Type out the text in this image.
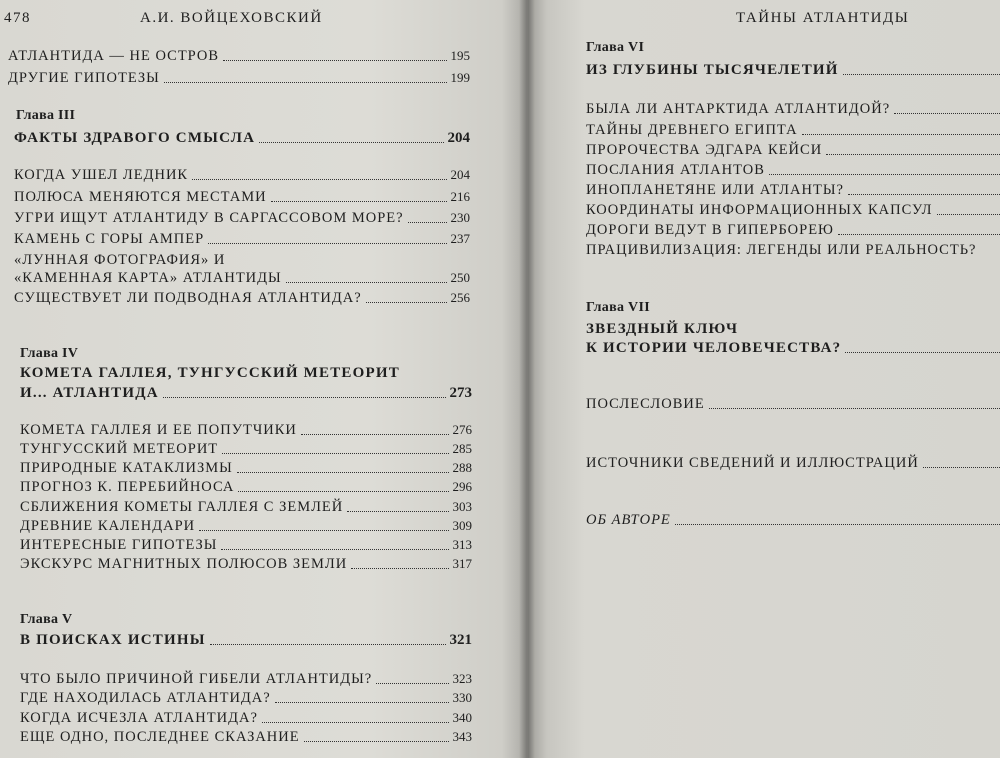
478	А.И. ВОЙЦЕХОВСКИЙ
АТЛАНТИДА — НЕ ОСТРОВ	195
ДРУГИЕ ГИПОТЕЗЫ	199
Глава III
ФАКТЫ ЗДРАВОГО СМЫСЛА	204
КОГДА УШЕЛ ЛЕДНИК	204
ПОЛЮСА МЕНЯЮТСЯ МЕСТАМИ	216
УГРИ ИЩУТ АТЛАНТИДУ В САРГАССОВОМ МОРЕ?	230
КАМЕНЬ С ГОРЫ АМПЕР	237
«ЛУННАЯ ФОТОГРАФИЯ» И
«КАМЕННАЯ КАРТА» АТЛАНТИДЫ	250
СУЩЕСТВУЕТ ЛИ ПОДВОДНАЯ АТЛАНТИДА?	256
Глава IV
КОМЕТА ГАЛЛЕЯ, ТУНГУССКИЙ МЕТЕОРИТ
И... АТЛАНТИДА	273
КОМЕТА ГАЛЛЕЯ И ЕЕ ПОПУТЧИКИ	276
ТУНГУССКИЙ МЕТЕОРИТ	285
ПРИРОДНЫЕ КАТАКЛИЗМЫ	288
ПРОГНОЗ К. ПЕРЕБИЙНОСА	296
СБЛИЖЕНИЯ КОМЕТЫ ГАЛЛЕЯ С ЗЕМЛЕЙ	303
ДРЕВНИЕ КАЛЕНДАРИ	309
ИНТЕРЕСНЫЕ ГИПОТЕЗЫ	313
ЭКСКУРС МАГНИТНЫХ ПОЛЮСОВ ЗЕМЛИ	317
Глава V
В ПОИСКАХ ИСТИНЫ	321
ЧТО БЫЛО ПРИЧИНОЙ ГИБЕЛИ АТЛАНТИДЫ?	323
ГДЕ НАХОДИЛАСЬ АТЛАНТИДА?	330
КОГДА ИСЧЕЗЛА АТЛАНТИДА?	340
ЕЩЕ ОДНО, ПОСЛЕДНЕЕ СКАЗАНИЕ	343
ТАЙНЫ АТЛАНТИДЫ
Глава VI
ИЗ ГЛУБИНЫ ТЫСЯЧЕЛЕТИЙ
БЫЛА ЛИ АНТАРКТИДА АТЛАНТИДОЙ?
ТАЙНЫ ДРЕВНЕГО ЕГИПТА
ПРОРОЧЕСТВА ЭДГАРА КЕЙСИ
ПОСЛАНИЯ АТЛАНТОВ
ИНОПЛАНЕТЯНЕ ИЛИ АТЛАНТЫ?
КООРДИНАТЫ ИНФОРМАЦИОННЫХ КАПСУЛ
ДОРОГИ ВЕДУТ В ГИПЕРБОРЕЮ
ПРАЦИВИЛИЗАЦИЯ: ЛЕГЕНДЫ ИЛИ РЕАЛЬНОСТЬ?
Глава VII
ЗВЕЗДНЫЙ КЛЮЧ
К ИСТОРИИ ЧЕЛОВЕЧЕСТВА?
ПОСЛЕСЛОВИЕ
ИСТОЧНИКИ СВЕДЕНИЙ И ИЛЛЮСТРАЦИЙ
ОБ АВТОРЕ
